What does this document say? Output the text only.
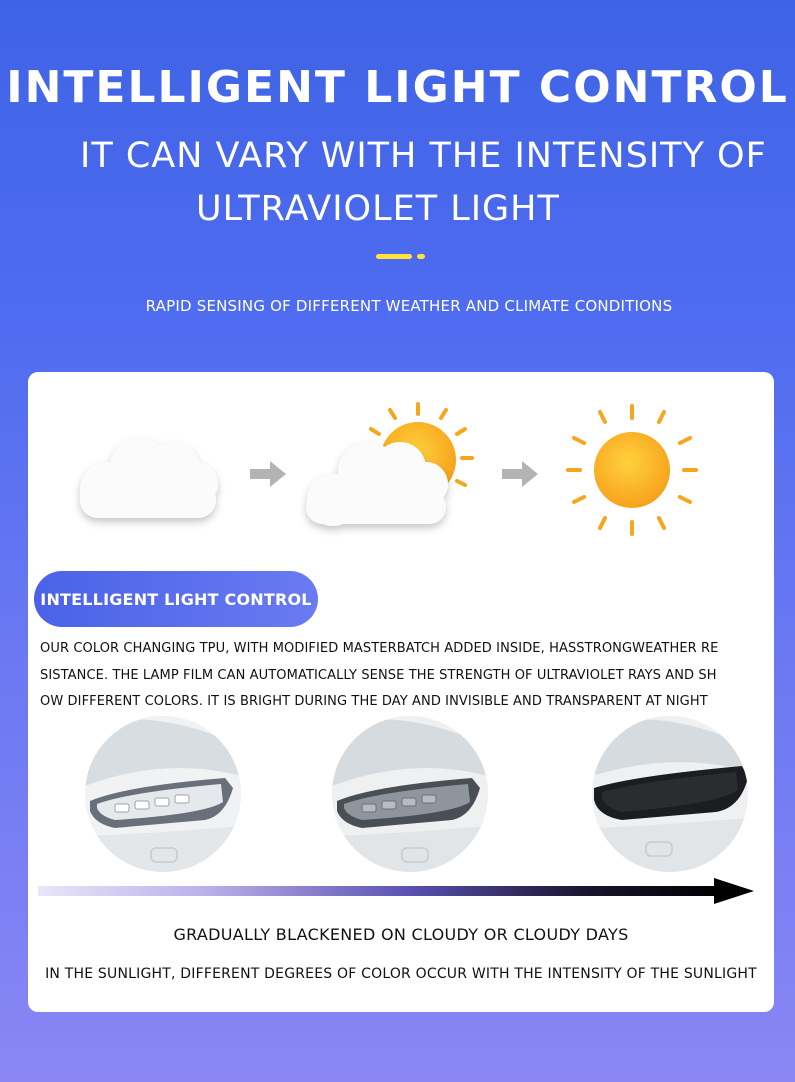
INTELLIGENT LIGHT CONTROL
IT CAN VARY WITH THE INTENSITY OF
ULTRAVIOLET LIGHT
RAPID SENSING OF DIFFERENT WEATHER AND CLIMATE CONDITIONS
INTELLIGENT LIGHT CONTROL
OUR COLOR CHANGING TPU, WITH MODIFIED MASTERBATCH ADDED INSIDE, HASSTRONGWEATHER RE
SISTANCE. THE LAMP FILM CAN AUTOMATICALLY SENSE THE STRENGTH OF ULTRAVIOLET RAYS AND SH
OW DIFFERENT COLORS. IT IS BRIGHT DURING THE DAY AND INVISIBLE AND TRANSPARENT AT NIGHT
GRADUALLY BLACKENED ON CLOUDY OR CLOUDY DAYS
IN THE SUNLIGHT, DIFFERENT DEGREES OF COLOR OCCUR WITH THE INTENSITY OF THE SUNLIGHT
